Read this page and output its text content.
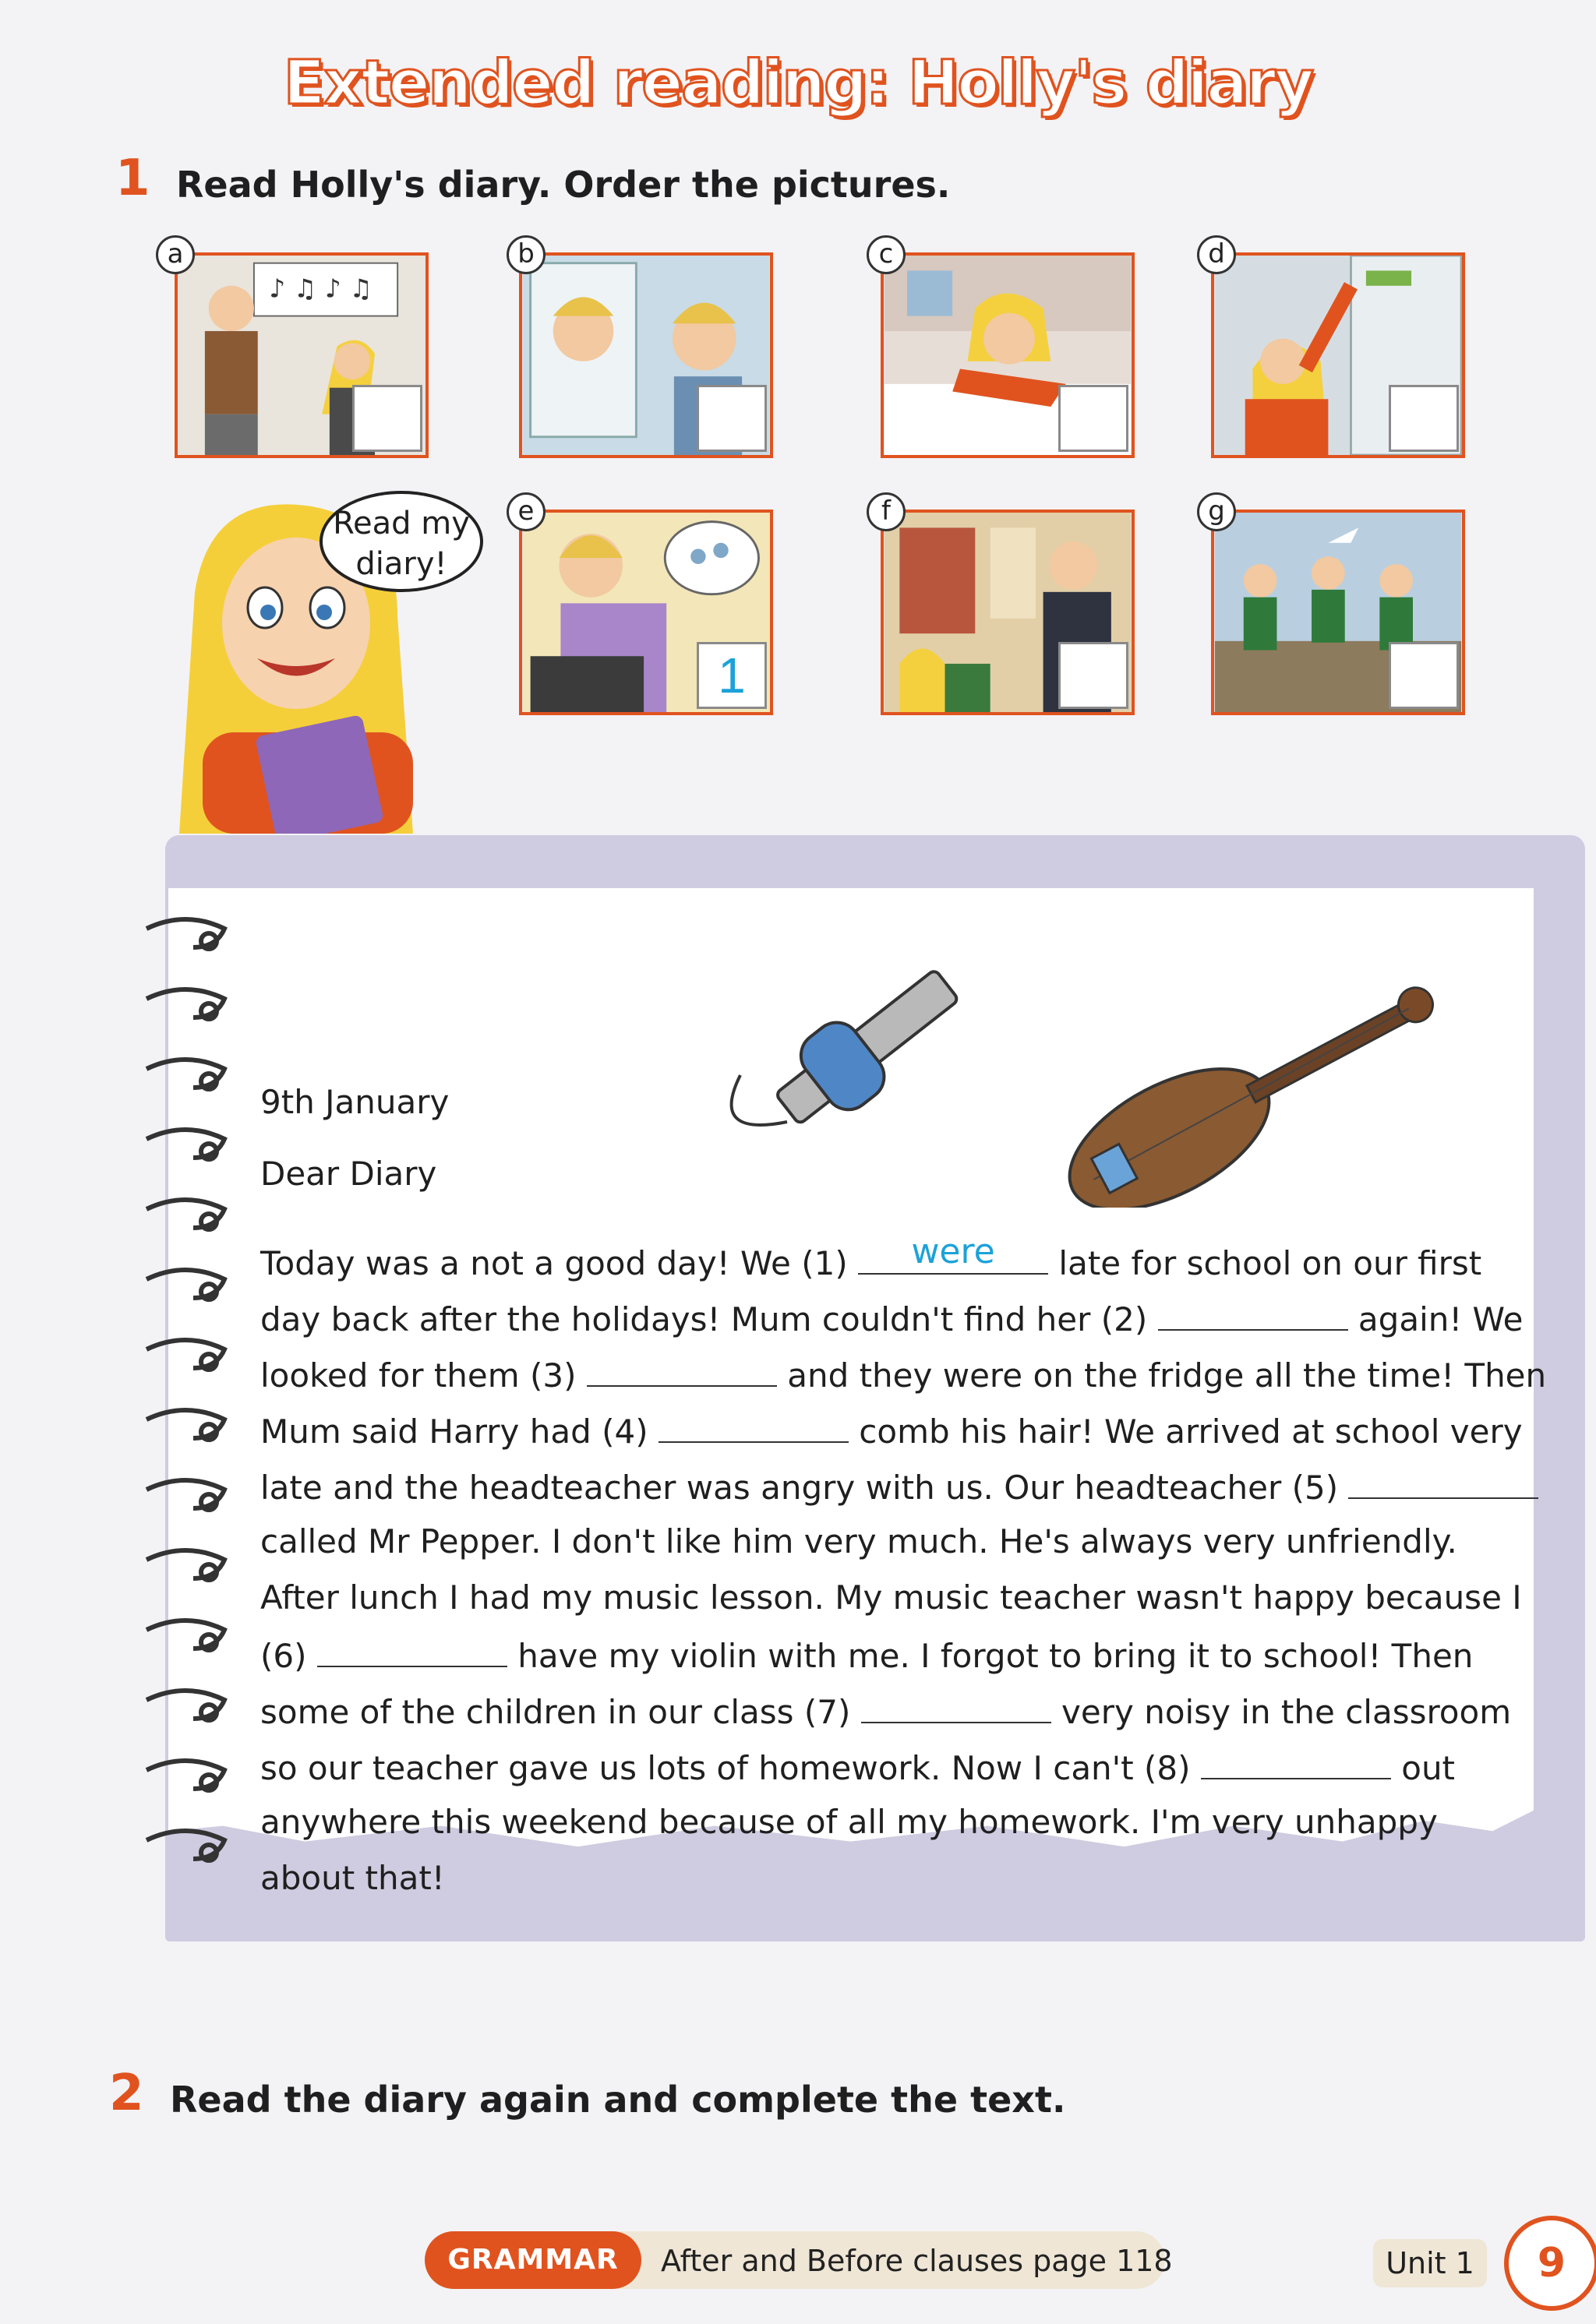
Extended reading: Holly's diary
1 Read Holly's diary. Order the pictures.
♪ ♫ ♪ ♫
a	b	c	d
Read my
diary!
1
e	f	g
9th January
Dear Diary
Today was a not a good day! We (1)	were	late for school on our first
day back after the holidays! Mum couldn't find her (2)	again! We
looked for them (3)	and they were on the fridge all the time! Then
Mum said Harry had (4)	comb his hair! We arrived at school very
late and the headteacher was angry with us. Our headteacher (5)
called Mr Pepper. I don't like him very much. He's always very unfriendly.
After lunch I had my music lesson. My music teacher wasn't happy because I
(6)	have my violin with me. I forgot to bring it to school! Then
some of the children in our class (7)	very noisy in the classroom
so our teacher gave us lots of homework. Now I can't (8)	out
anywhere this weekend because of all my homework. I'm very unhappy
about that!
2 Read the diary again and complete the text.
GRAMMAR	After and Before clauses page 118	Unit 1	9
